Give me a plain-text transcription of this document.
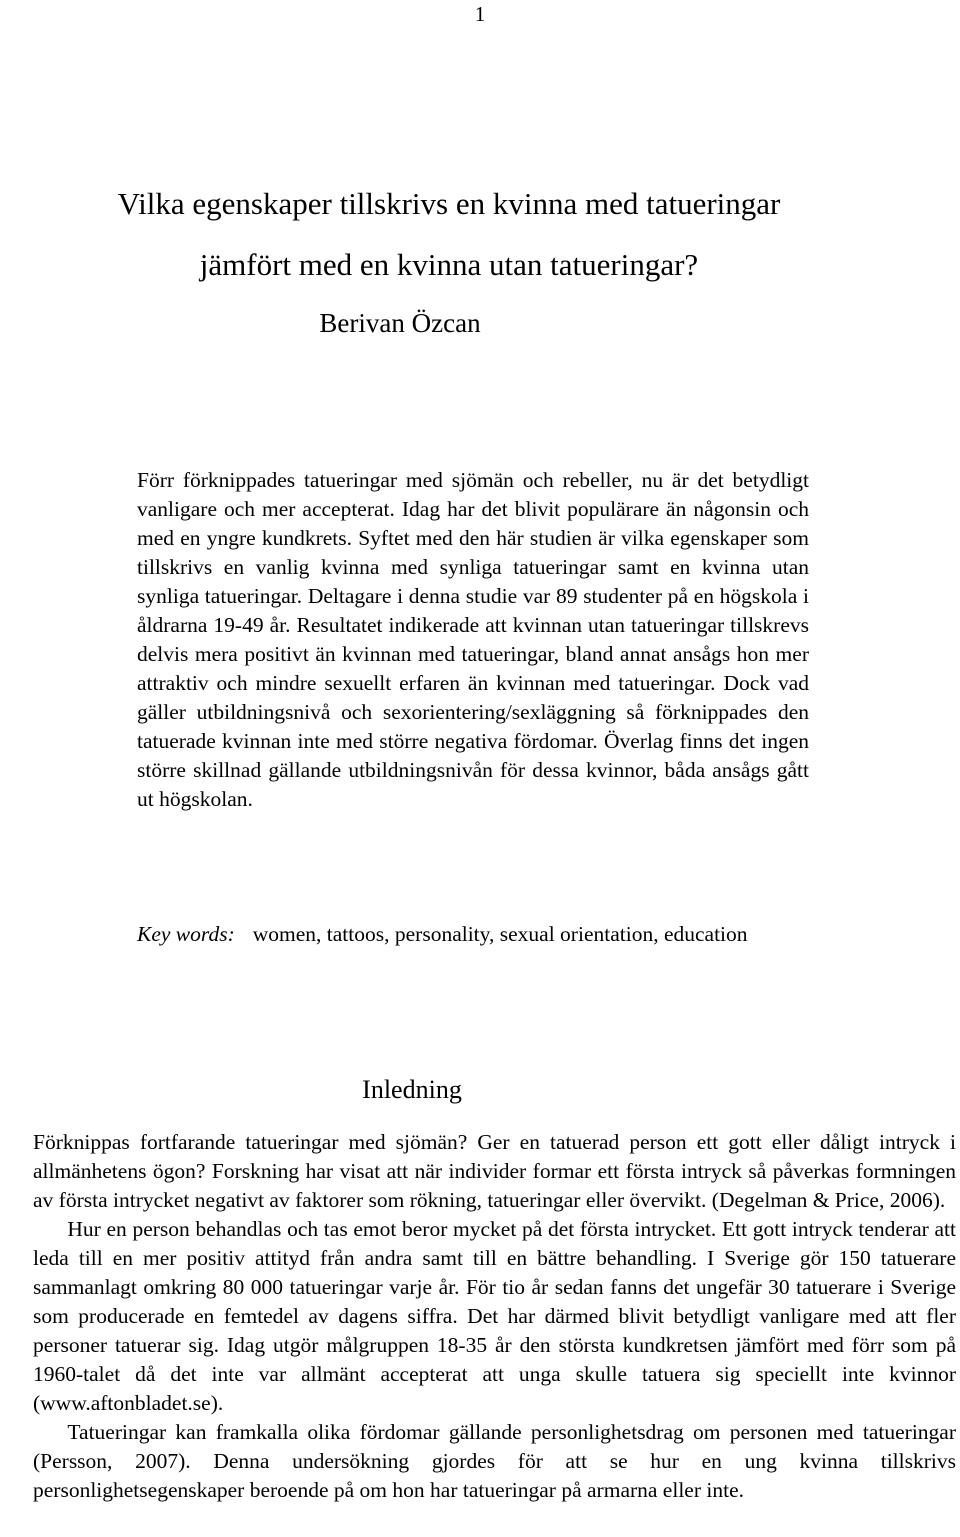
1
Vilka egenskaper tillskrivs en kvinna med tatueringar
jämfört med en kvinna utan tatueringar?
Berivan Özcan

Förr förknippades tatueringar med sjömän och rebeller, nu är det betydligt vanligare och mer accepterat. Idag har det blivit populärare än någonsin och med en yngre kundkrets. Syftet med den här studien är vilka egenskaper som tillskrivs en vanlig kvinna med synliga tatueringar samt en kvinna utan synliga tatueringar. Deltagare i denna studie var 89 studenter på en högskola i åldrarna 19-49 år. Resultatet indikerade att kvinnan utan tatueringar tillskrevs delvis mera positivt än kvinnan med tatueringar, bland annat ansågs hon mer attraktiv och mindre sexuellt erfaren än kvinnan med tatueringar. Dock vad gäller utbildningsnivå och sexorientering/sexläggning så förknippades den tatuerade kvinnan inte med större negativa fördomar. Överlag finns det ingen större skillnad gällande utbildningsnivån för dessa kvinnor, båda ansågs gått ut högskolan.

Key words: women, tattoos, personality, sexual orientation, education
Inledning

Förknippas fortfarande tatueringar med sjömän? Ger en tatuerad person ett gott eller dåligt intryck i allmänhetens ögon? Forskning har visat att när individer formar ett första intryck så påverkas formningen av första intrycket negativt av faktorer som rökning, tatueringar eller övervikt. (Degelman & Price, 2006).

Hur en person behandlas och tas emot beror mycket på det första intrycket. Ett gott intryck tenderar att leda till en mer positiv attityd från andra samt till en bättre behandling. I Sverige gör 150 tatuerare sammanlagt omkring 80 000 tatueringar varje år. För tio år sedan fanns det ungefär 30 tatuerare i Sverige som producerade en femtedel av dagens siffra. Det har därmed blivit betydligt vanligare med att fler personer tatuerar sig. Idag utgör målgruppen 18-35 år den största kundkretsen jämfört med förr som på 1960-talet då det inte var allmänt accepterat att unga skulle tatuera sig speciellt inte kvinnor (www.aftonbladet.se).

Tatueringar kan framkalla olika fördomar gällande personlighetsdrag om personen med tatueringar (Persson, 2007). Denna undersökning gjordes för att se hur en ung kvinna tillskrivs personlighetsegenskaper beroende på om hon har tatueringar på armarna eller inte.
